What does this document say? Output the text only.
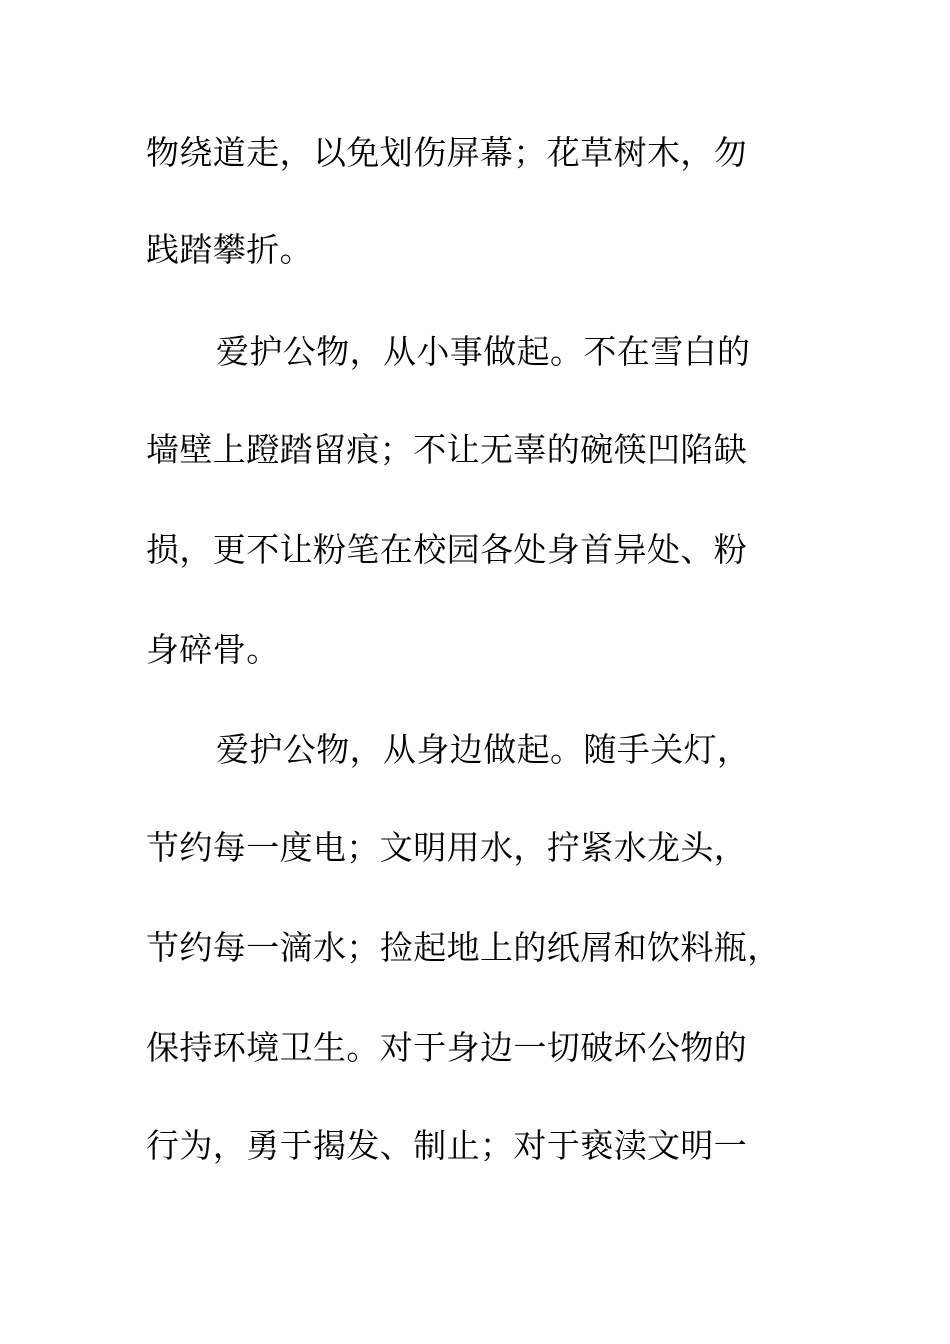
物绕道走，以免划伤屏幕；花草树木，勿
践踏攀折。
爱护公物，从小事做起。不在雪白的
墙壁上蹬踏留痕；不让无辜的碗筷凹陷缺
损，更不让粉笔在校园各处身首异处、粉
身碎骨。
爱护公物，从身边做起。随手关灯，
节约每一度电；文明用水，拧紧水龙头，
节约每一滴水；捡起地上的纸屑和饮料瓶，
保持环境卫生。对于身边一切破坏公物的
行为，勇于揭发、制止；对于亵渎文明一
